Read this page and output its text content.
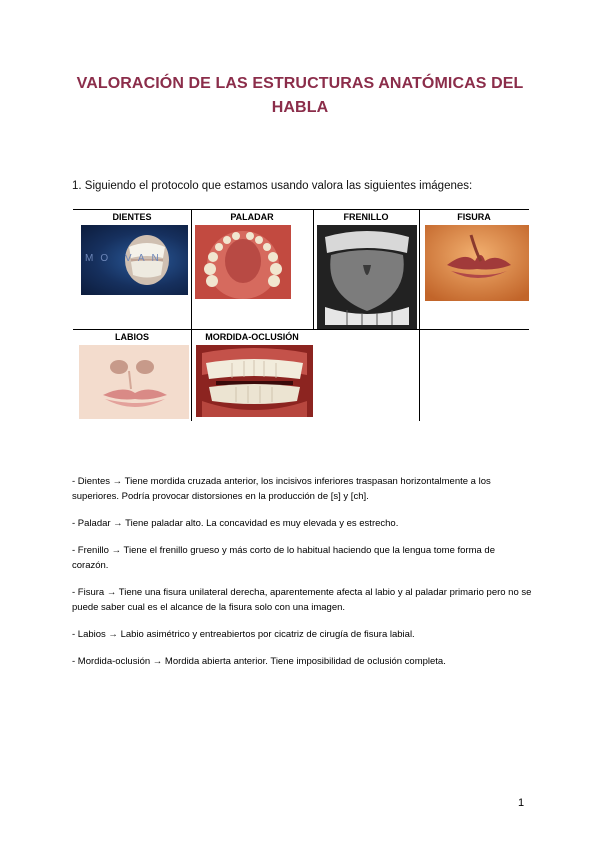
VALORACIÓN DE LAS ESTRUCTURAS ANATÓMICAS DEL HABLA
1. Siguiendo el protocolo que estamos usando valora las siguientes imágenes:
DIENTES	PALADAR	FRENILLO	FISURA
MO VAN
LABIOS	MORDIDA-OCLUSIÓN

- Dientes → Tiene mordida cruzada anterior, los incisivos inferiores traspasan horizontalmente a los superiores. Podría provocar distorsiones en la producción de [s] y [ch].

- Paladar → Tiene paladar alto. La concavidad es muy elevada y es estrecho.

- Frenillo → Tiene el frenillo grueso y más corto de lo habitual haciendo que la lengua tome forma de corazón.

- Fisura → Tiene una fisura unilateral derecha, aparentemente afecta al labio y al paladar primario pero no se puede saber cual es el alcance de la fisura solo con una imagen.

- Labios → Labio asimétrico y entreabiertos por cicatriz de cirugía de fisura labial.

- Mordida-oclusión → Mordida abierta anterior. Tiene imposibilidad de oclusión completa.

1
